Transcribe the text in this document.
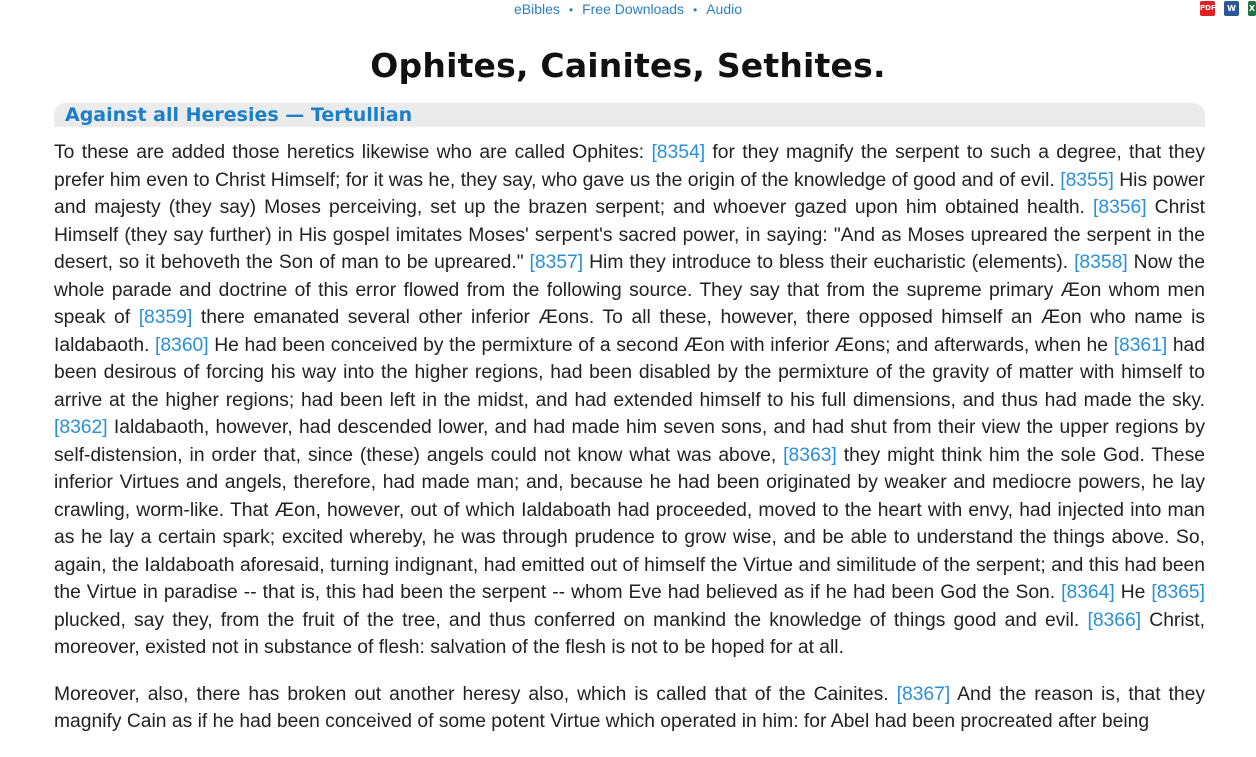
eBibles • Free Downloads • Audio	PDF W X
Ophites, Cainites, Sethites.
Against all Heresies — Tertullian

To these are added those heretics likewise who are called Ophites: [8354] for they magnify the serpent to such a degree, that they prefer him even to Christ Himself; for it was he, they say, who gave us the origin of the knowledge of good and of evil. [8355] His power and majesty (they say) Moses perceiving, set up the brazen serpent; and whoever gazed upon him obtained health. [8356] Christ Himself (they say further) in His gospel imitates Moses' serpent's sacred power, in saying: "And as Moses upreared the serpent in the desert, so it behoveth the Son of man to be upreared." [8357] Him they introduce to bless their eucharistic (elements). [8358] Now the whole parade and doctrine of this error flowed from the following source. They say that from the supreme primary Æon whom men speak of [8359] there emanated several other inferior Æons. To all these, however, there opposed himself an Æon who name is Ialdabaoth. [8360] He had been conceived by the permixture of a second Æon with inferior Æons; and afterwards, when he [8361] had been desirous of forcing his way into the higher regions, had been disabled by the permixture of the gravity of matter with himself to arrive at the higher regions; had been left in the midst, and had extended himself to his full dimensions, and thus had made the sky. [8362] Ialdabaoth, however, had descended lower, and had made him seven sons, and had shut from their view the upper regions by self-distension, in order that, since (these) angels could not know what was above, [8363] they might think him the sole God. These inferior Virtues and angels, therefore, had made man; and, because he had been originated by weaker and mediocre powers, he lay crawling, worm-like. That Æon, however, out of which Ialdaboath had proceeded, moved to the heart with envy, had injected into man as he lay a certain spark; excited whereby, he was through prudence to grow wise, and be able to understand the things above. So, again, the Ialdaboath aforesaid, turning indignant, had emitted out of himself the Virtue and similitude of the serpent; and this had been the Virtue in paradise -- that is, this had been the serpent -- whom Eve had believed as if he had been God the Son. [8364] He [8365] plucked, say they, from the fruit of the tree, and thus conferred on mankind the knowledge of things good and evil. [8366] Christ, moreover, existed not in substance of flesh: salvation of the flesh is not to be hoped for at all.

Moreover, also, there has broken out another heresy also, which is called that of the Cainites. [8367] And the reason is, that they magnify Cain as if he had been conceived of some potent Virtue which operated in him: for Abel had been procreated after being
